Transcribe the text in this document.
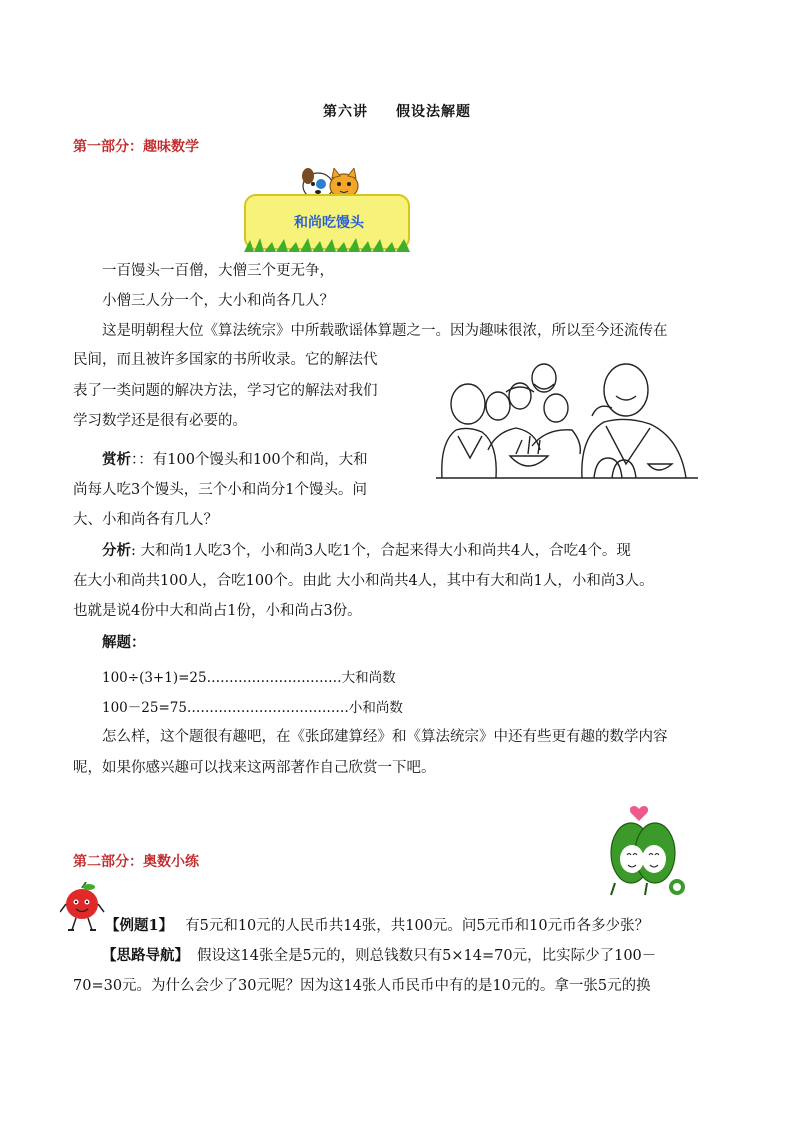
第六讲 假设法解题
第一部分：趣味数学
和尚吃馒头
一百馒头一百僧，大僧三个更无争，
小僧三人分一个，大小和尚各几人？
这是明朝程大位《算法统宗》中所载歌谣体算题之一。因为趣味很浓，所以至今还流传在
民间，而且被许多国家的书所收录。它的解法代
表了一类问题的解决方法，学习它的解法对我们
学习数学还是很有必要的。
赏析：：有100个馒头和100个和尚，大和
尚每人吃3个馒头，三个小和尚分1个馒头。问
大、小和尚各有几人？
分析: 大和尚1人吃3个，小和尚3人吃1个，合起来得大小和尚共4人，合吃4个。现
在大小和尚共100人，合吃100个。由此 大小和尚共4人，其中有大和尚1人，小和尚3人。
也就是说4份中大和尚占1份，小和尚占3份。
解题：
100÷(3+1)=25…………………………大和尚数
100－25=75………………………………小和尚数
怎么样，这个题很有趣吧，在《张邱建算经》和《算法统宗》中还有些更有趣的数学内容
呢，如果你感兴趣可以找来这两部著作自己欣赏一下吧。
第二部分：奥数小练
【例题1】 有5元和10元的人民币共14张，共100元。问5元币和10元币各多少张？
【思路导航】 假设这14张全是5元的，则总钱数只有5×14=70元，比实际少了100－
70=30元。为什么会少了30元呢？因为这14张人币民币中有的是10元的。拿一张5元的换
